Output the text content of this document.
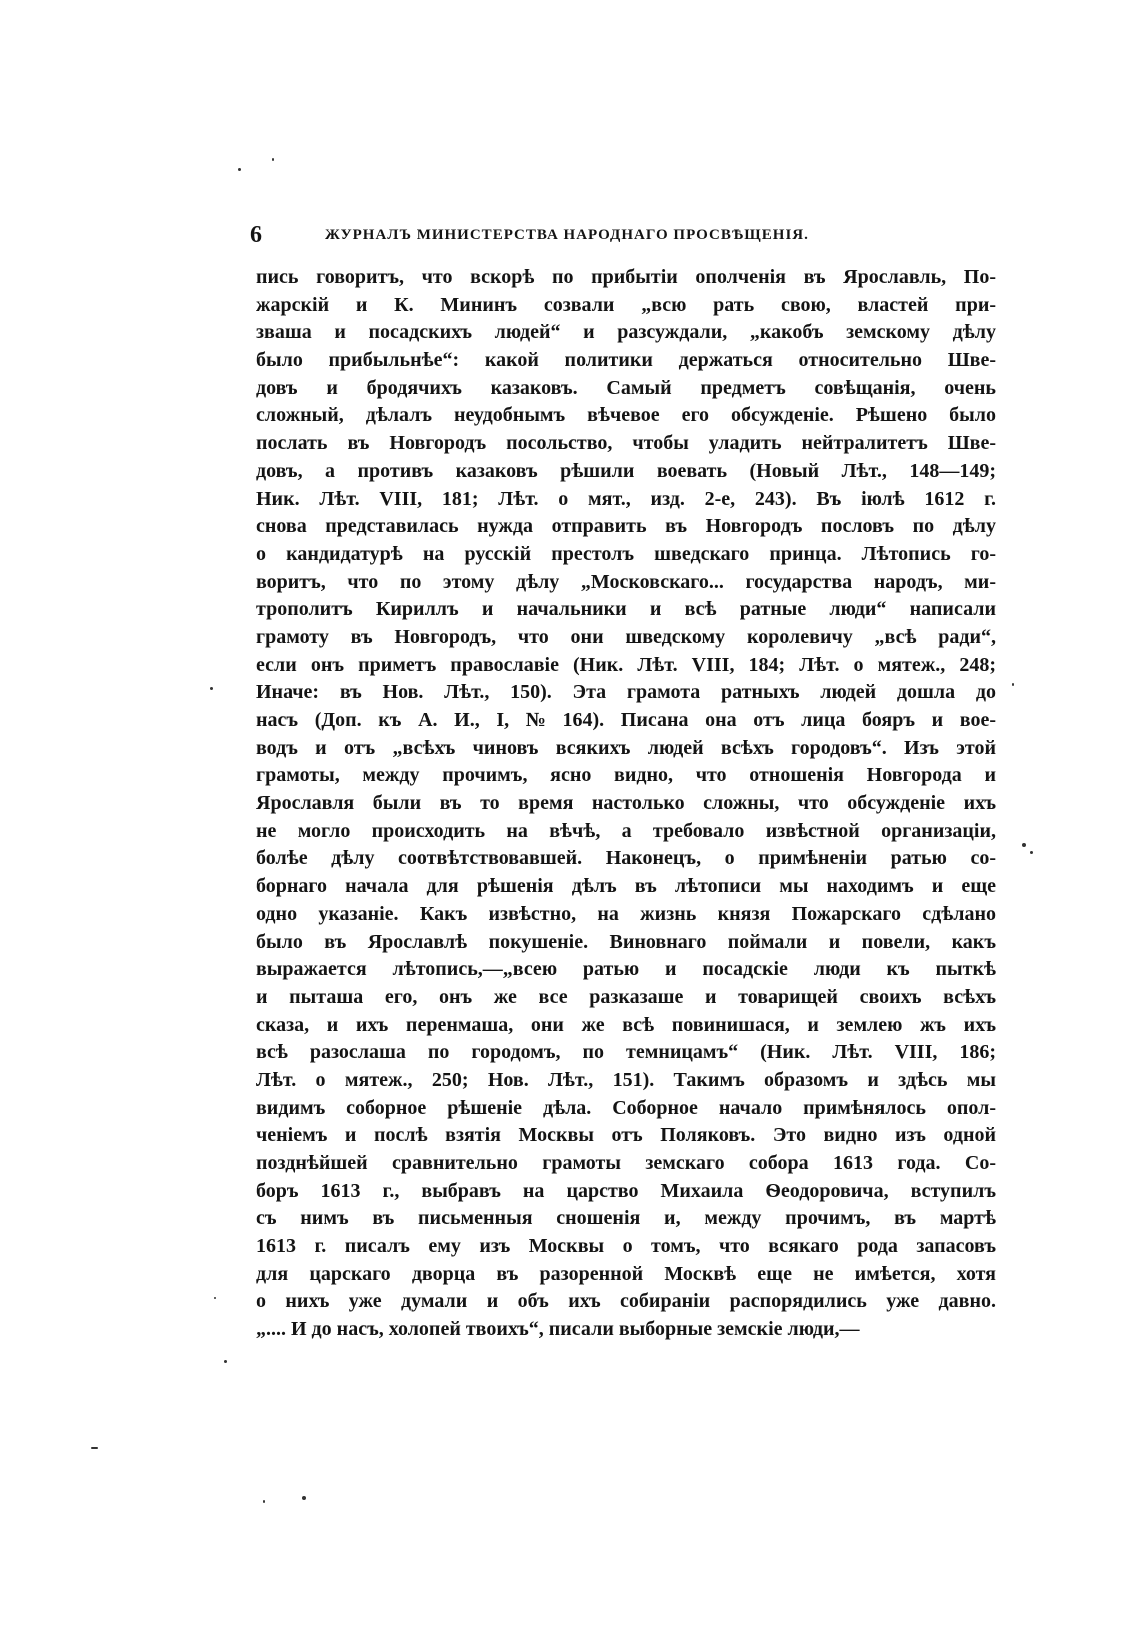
6	ЖУРНАЛЪ МИНИСТЕРСТВА НАРОДНАГО ПРОСВѢЩЕНІЯ.
пись говоритъ, что вскорѣ по прибытіи ополченія въ Ярославль, По-
жарскій и К. Мининъ созвали „всю рать свою, властей при-
зваша и посадскихъ людей“ и разсуждали, „какобъ земскому дѣлу
было прибыльнѣе“: какой политики держаться относительно Шве-
довъ и бродячихъ казаковъ. Самый предметъ совѣщанія, очень
сложный, дѣлалъ неудобнымъ вѣчевое его обсужденіе. Рѣшено было
послать въ Новгородъ посольство, чтобы уладить нейтралитетъ Шве-
довъ, а противъ казаковъ рѣшили воевать (Новый Лѣт., 148—149;
Ник. Лѣт. VIII, 181; Лѣт. о мят., изд. 2-е, 243). Въ іюлѣ 1612 г.
снова представилась нужда отправить въ Новгородъ пословъ по дѣлу
о кандидатурѣ на русскій престолъ шведскаго принца. Лѣтопись го-
воритъ, что по этому дѣлу „Московскаго... государства народъ, ми-
трополитъ Кириллъ и начальники и всѣ ратные люди“ написали
грамоту въ Новгородъ, что они шведскому королевичу „всѣ ради“,
если онъ приметъ православіе (Ник. Лѣт. VIII, 184; Лѣт. о мятеж., 248;
Иначе: въ Нов. Лѣт., 150). Эта грамота ратныхъ людей дошла до
насъ (Доп. къ А. И., I, № 164). Писана она отъ лица бояръ и вое-
водъ и отъ „всѣхъ чиновъ всякихъ людей всѣхъ городовъ“. Изъ этой
грамоты, между прочимъ, ясно видно, что отношенія Новгорода и
Ярославля были въ то время настолько сложны, что обсужденіе ихъ
не могло происходить на вѣчѣ, а требовало извѣстной организаціи,
болѣе дѣлу соотвѣтствовавшей. Наконецъ, о примѣненіи ратью со-
борнаго начала для рѣшенія дѣлъ въ лѣтописи мы находимъ и еще
одно указаніе. Какъ извѣстно, на жизнь князя Пожарскаго сдѣлано
было въ Ярославлѣ покушеніе. Виновнаго поймали и повели, какъ
выражается лѣтопись,—„всею ратью и посадскіе люди къ пыткѣ
и пыташа его, онъ же все разказаше и товарищей своихъ всѣхъ
сказа, и ихъ перенмаша, они же всѣ повинишася, и землею жъ ихъ
всѣ разослаша по городомъ, по темницамъ“ (Ник. Лѣт. VIII, 186;
Лѣт. о мятеж., 250; Нов. Лѣт., 151). Такимъ образомъ и здѣсь мы
видимъ соборное рѣшеніе дѣла. Соборное начало примѣнялось опол-
ченіемъ и послѣ взятія Москвы отъ Поляковъ. Это видно изъ одной
позднѣйшей сравнительно грамоты земскаго собора 1613 года. Со-
боръ 1613 г., выбравъ на царство Михаила Ѳеодоровича, вступилъ
съ нимъ въ письменныя сношенія и, между прочимъ, въ мартѣ
1613 г. писалъ ему изъ Москвы о томъ, что всякаго рода запасовъ
для царскаго дворца въ разоренной Москвѣ еще не имѣется, хотя
о нихъ уже думали и объ ихъ собираніи распорядились уже давно.
„.... И до насъ, холопей твоихъ“, писали выборные земскіе люди,—
